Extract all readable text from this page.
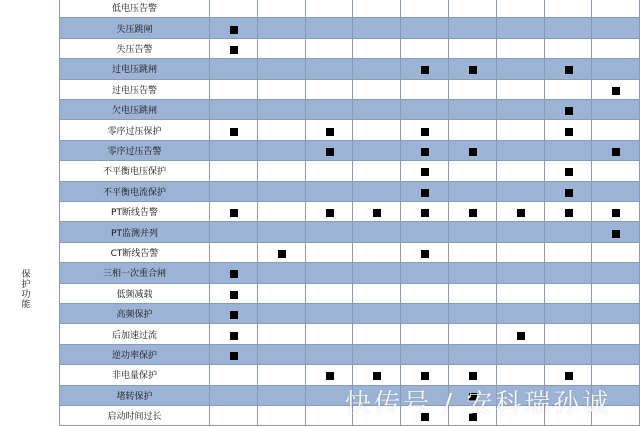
保护功能
低电压告警
失压跳闸
失压告警
过电压跳闸
过电压告警
欠电压跳闸
零序过压保护
零序过压告警
不平衡电压保护
不平衡电流保护
PT断线告警
PT监测并列
CT断线告警
三相一次重合闸
低频减载
高频保护
后加速过流
逆功率保护
非电量保护
堵转保护
启动时间过长	快传号 / 安科瑞孙诚
